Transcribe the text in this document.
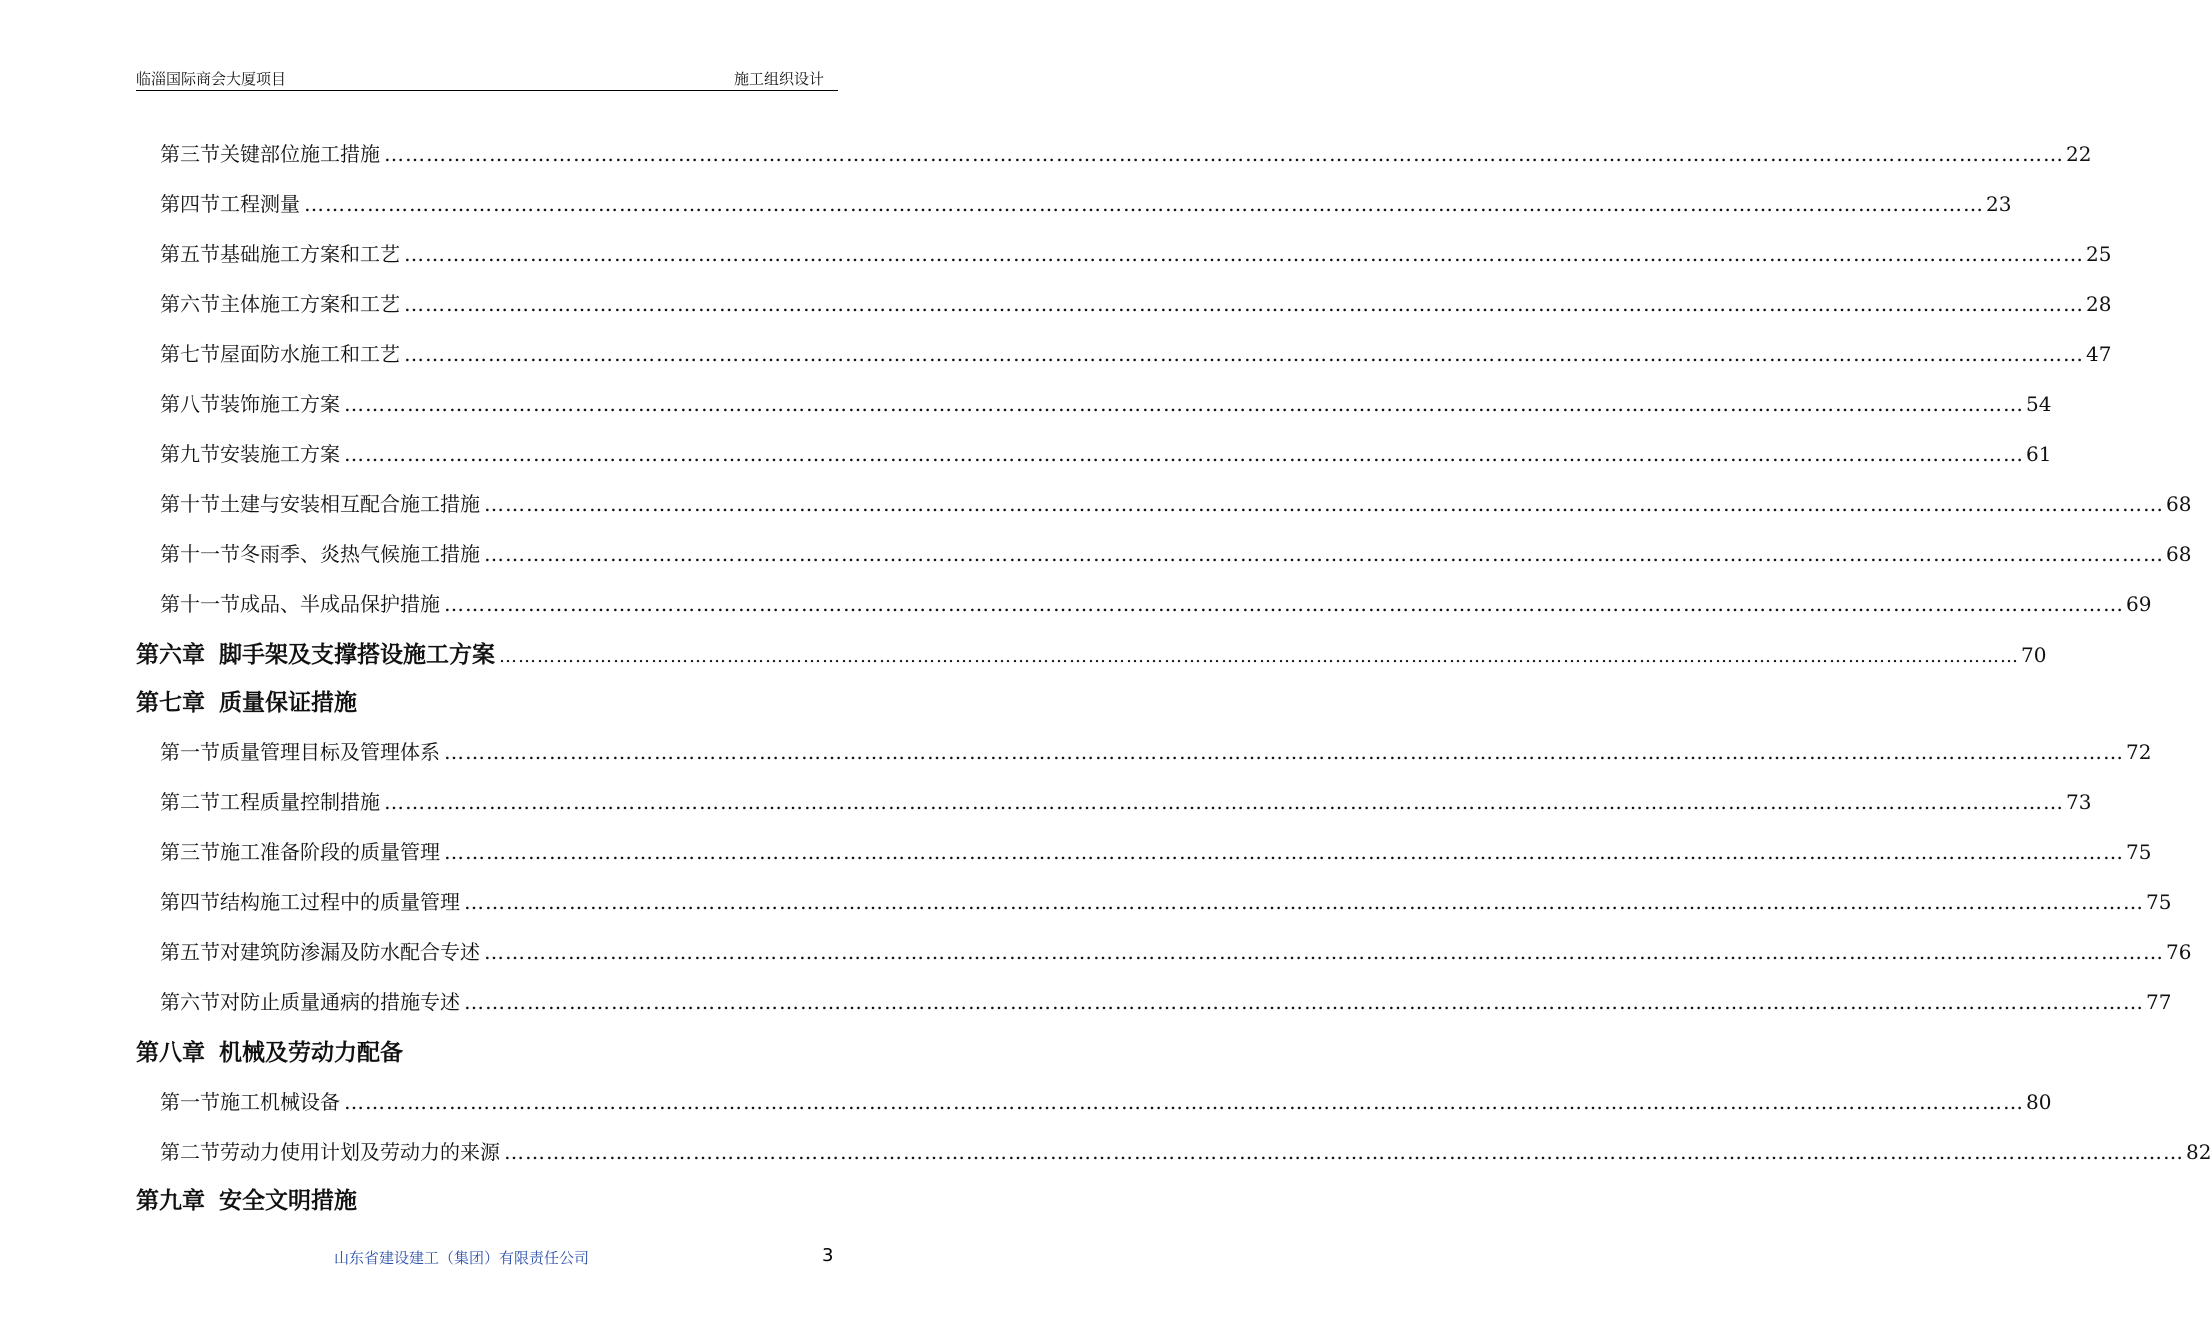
临淄国际商会大厦项目	施工组织设计
第三节 关键部位施工措施 …………………………………………………………………………………………………………………………………………………………………………………………………………………… 22
第四节 工程测量 …………………………………………………………………………………………………………………………………………………………………………………………………………………… 23
第五节 基础施工方案和工艺 …………………………………………………………………………………………………………………………………………………………………………………………………………………… 25
第六节 主体施工方案和工艺 …………………………………………………………………………………………………………………………………………………………………………………………………………………… 28
第七节 屋面防水施工和工艺 …………………………………………………………………………………………………………………………………………………………………………………………………………………… 47
第八节 装饰施工方案 …………………………………………………………………………………………………………………………………………………………………………………………………………………… 54
第九节 安装施工方案 …………………………………………………………………………………………………………………………………………………………………………………………………………………… 61
第十节 土建与安装相互配合施工措施 …………………………………………………………………………………………………………………………………………………………………………………………………………………… 68
第十一节 冬雨季、炎热气候施工措施 …………………………………………………………………………………………………………………………………………………………………………………………………………………… 68
第十一节 成品、半成品保护措施 …………………………………………………………………………………………………………………………………………………………………………………………………………………… 69
第六章 脚手架及支撑搭设施工方案 …………………………………………………………………………………………………………………………………………………………………………………………………………………… 70
第七章 质量保证措施
第一节 质量管理目标及管理体系 …………………………………………………………………………………………………………………………………………………………………………………………………………………… 72
第二节 工程质量控制措施 …………………………………………………………………………………………………………………………………………………………………………………………………………………… 73
第三节 施工准备阶段的质量管理 …………………………………………………………………………………………………………………………………………………………………………………………………………………… 75
第四节 结构施工过程中的质量管理 …………………………………………………………………………………………………………………………………………………………………………………………………………………… 75
第五节 对建筑防渗漏及防水配合专述 …………………………………………………………………………………………………………………………………………………………………………………………………………………… 76
第六节 对防止质量通病的措施专述 …………………………………………………………………………………………………………………………………………………………………………………………………………………… 77
第八章 机械及劳动力配备
第一节 施工机械设备 …………………………………………………………………………………………………………………………………………………………………………………………………………………… 80
第二节 劳动力使用计划及劳动力的来源 …………………………………………………………………………………………………………………………………………………………………………………………………………………… 82
第九章 安全文明措施
山东省建设建工（集团）有限责任公司	3
